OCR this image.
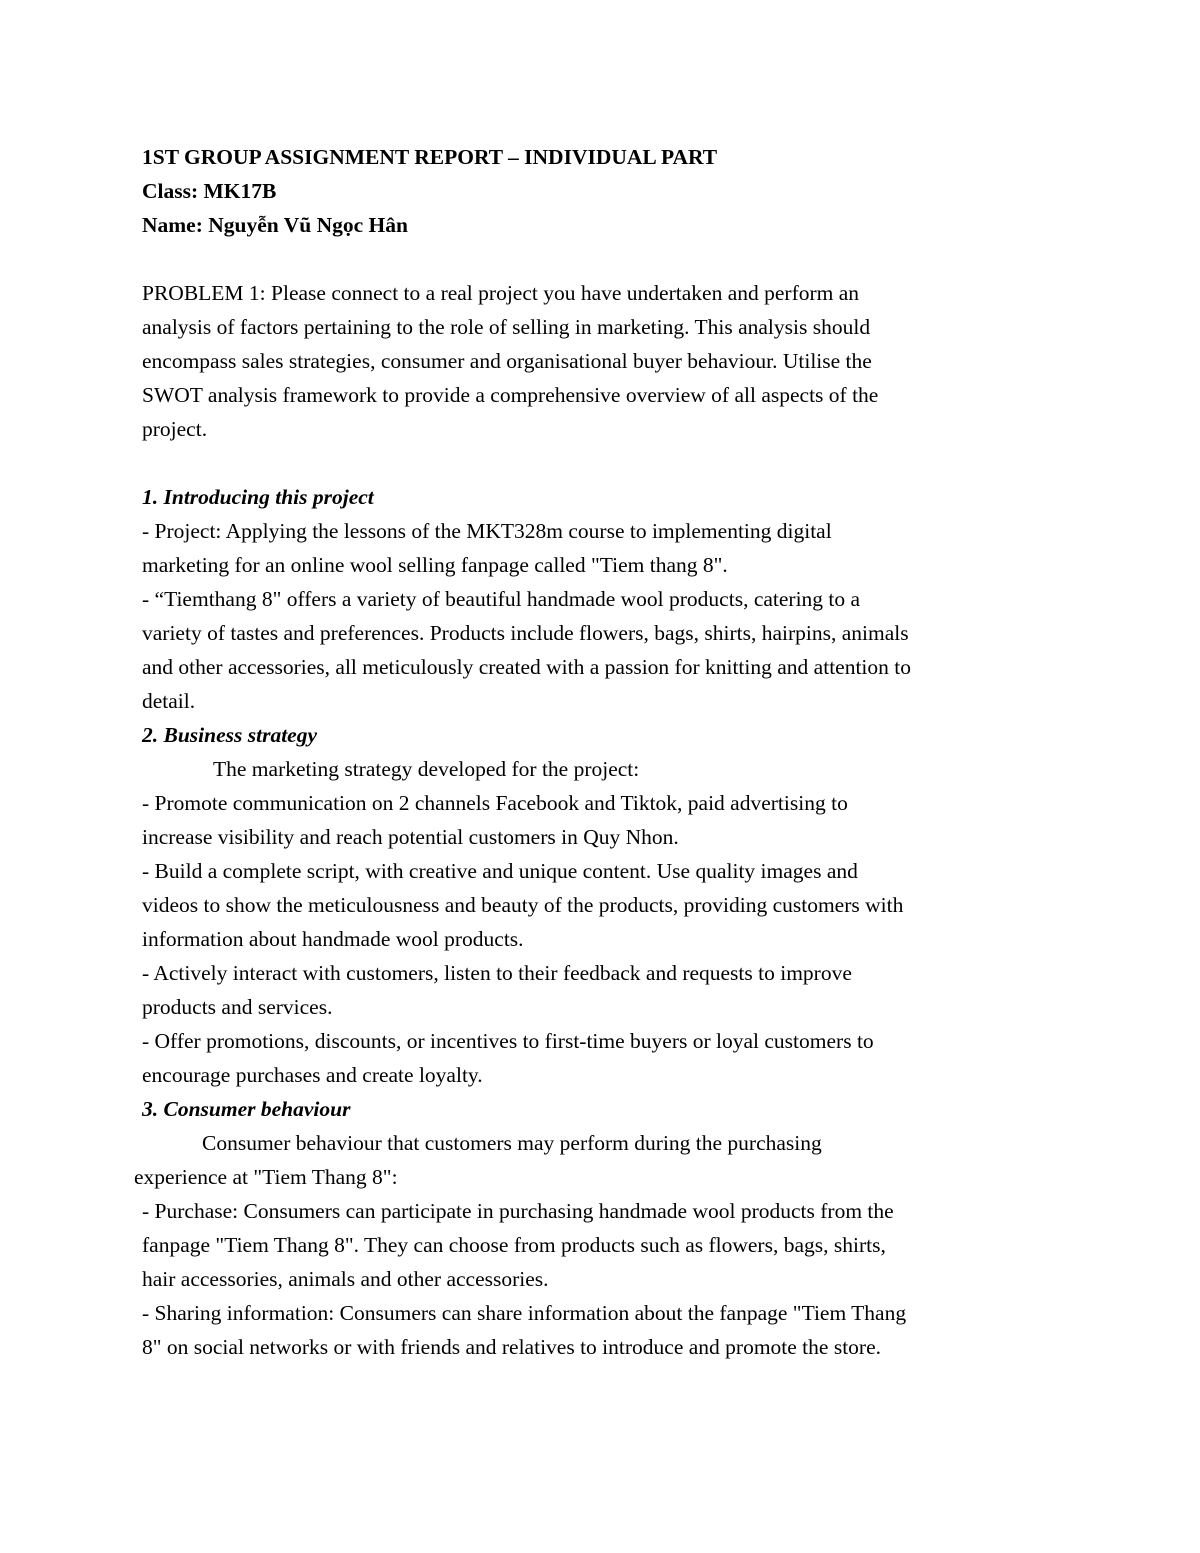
1ST GROUP ASSIGNMENT REPORT – INDIVIDUAL PART
Class: MK17B
Name: Nguyễn Vũ Ngọc Hân
PROBLEM 1: Please connect to a real project you have undertaken and perform an
analysis of factors pertaining to the role of selling in marketing. This analysis should
encompass sales strategies, consumer and organisational buyer behaviour. Utilise the
SWOT analysis framework to provide a comprehensive overview of all aspects of the
project.
1. Introducing this project
- Project: Applying the lessons of the MKT328m course to implementing digital
marketing for an online wool selling fanpage called "Tiem thang 8".
- “Tiemthang 8" offers a variety of beautiful handmade wool products, catering to a
variety of tastes and preferences. Products include flowers, bags, shirts, hairpins, animals
and other accessories, all meticulously created with a passion for knitting and attention to
detail.
2. Business strategy
The marketing strategy developed for the project:
- Promote communication on 2 channels Facebook and Tiktok, paid advertising to
increase visibility and reach potential customers in Quy Nhon.
- Build a complete script, with creative and unique content. Use quality images and
videos to show the meticulousness and beauty of the products, providing customers with
information about handmade wool products.
- Actively interact with customers, listen to their feedback and requests to improve
products and services.
- Offer promotions, discounts, or incentives to first-time buyers or loyal customers to
encourage purchases and create loyalty.
3. Consumer behaviour
Consumer behaviour that customers may perform during the purchasing
experience at "Tiem Thang 8":
- Purchase: Consumers can participate in purchasing handmade wool products from the
fanpage "Tiem Thang 8". They can choose from products such as flowers, bags, shirts,
hair accessories, animals and other accessories.
- Sharing information: Consumers can share information about the fanpage "Tiem Thang
8" on social networks or with friends and relatives to introduce and promote the store.
